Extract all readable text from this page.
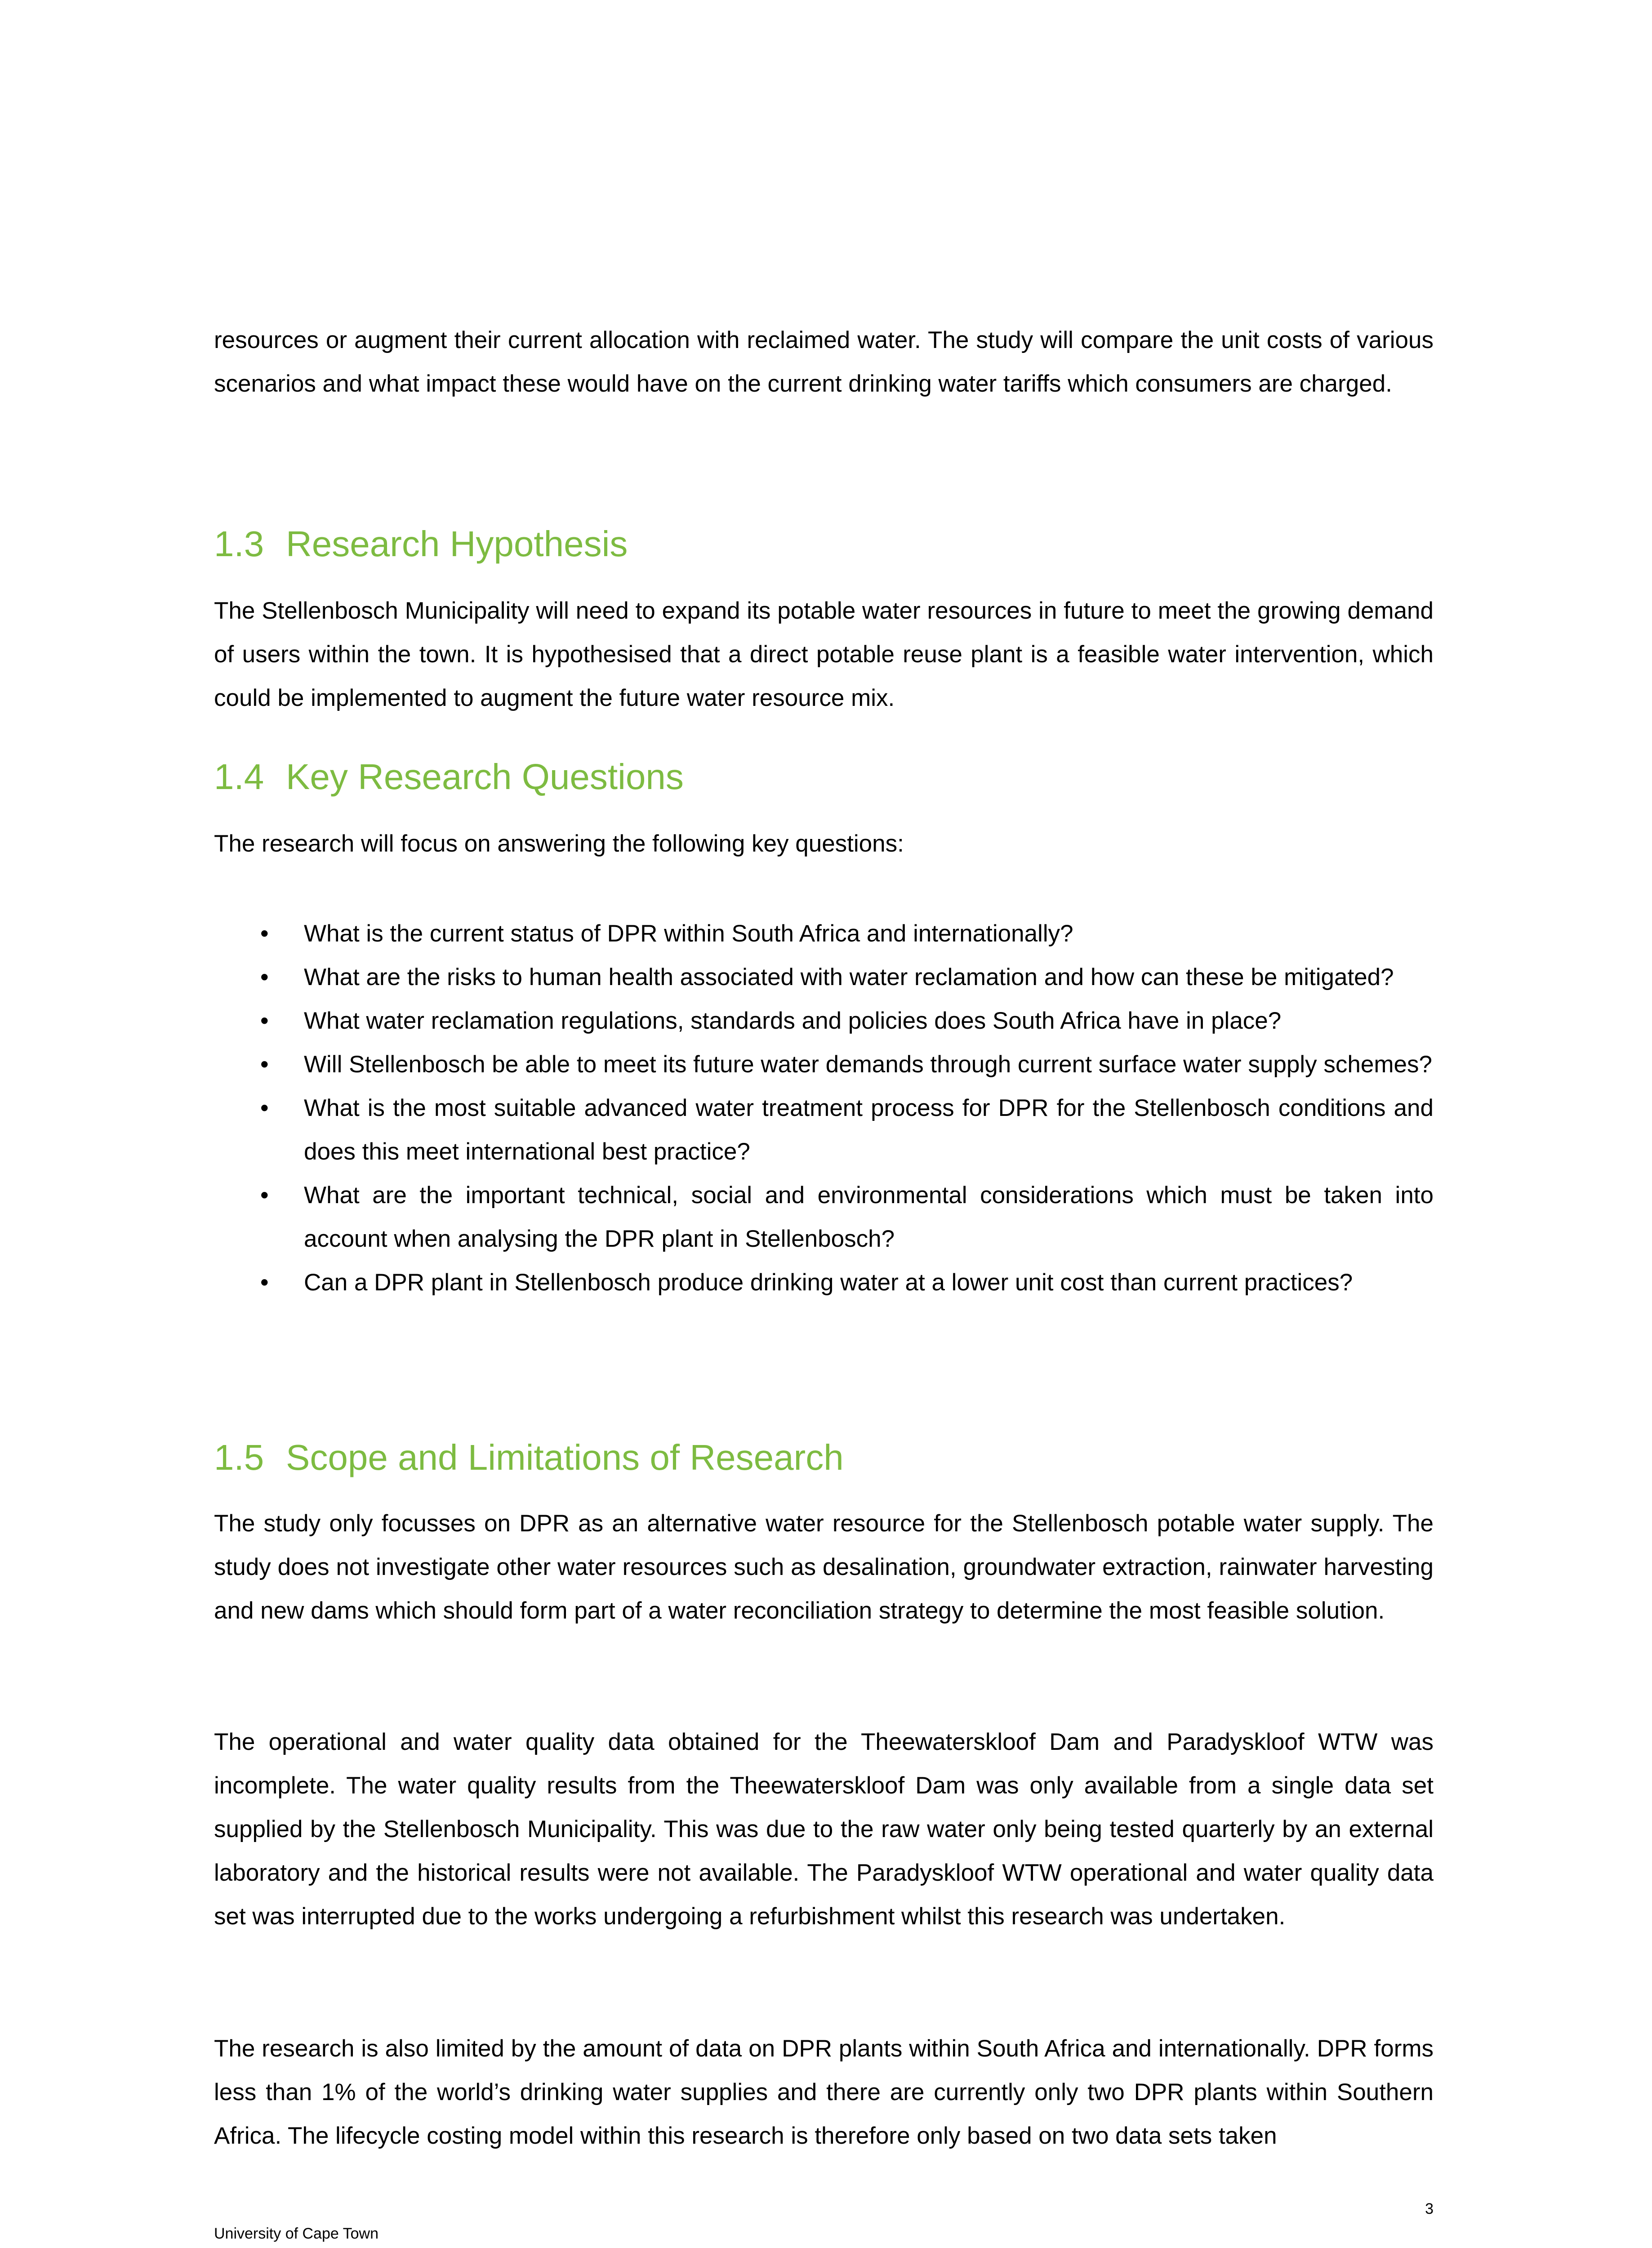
resources or augment their current allocation with reclaimed water. The study will compare the unit costs of various scenarios and what impact these would have on the current drinking water tariffs which consumers are charged.

1.3 Research Hypothesis

The Stellenbosch Municipality will need to expand its potable water resources in future to meet the growing demand of users within the town. It is hypothesised that a direct potable reuse plant is a feasible water intervention, which could be implemented to augment the future water resource mix.

1.4 Key Research Questions

The research will focus on answering the following key questions:

• What is the current status of DPR within South Africa and internationally?
• What are the risks to human health associated with water reclamation and how can these be mitigated?
• What water reclamation regulations, standards and policies does South Africa have in place?
• Will Stellenbosch be able to meet its future water demands through current surface water supply schemes?
• What is the most suitable advanced water treatment process for DPR for the Stellenbosch conditions and does this meet international best practice?
• What are the important technical, social and environmental considerations which must be taken into account when analysing the DPR plant in Stellenbosch?
• Can a DPR plant in Stellenbosch produce drinking water at a lower unit cost than current practices?
1.5 Scope and Limitations of Research

The study only focusses on DPR as an alternative water resource for the Stellenbosch potable water supply. The study does not investigate other water resources such as desalination, groundwater extraction, rainwater harvesting and new dams which should form part of a water reconciliation strategy to determine the most feasible solution.

The operational and water quality data obtained for the Theewaterskloof Dam and Paradyskloof WTW was incomplete. The water quality results from the Theewaterskloof Dam was only available from a single data set supplied by the Stellenbosch Municipality. This was due to the raw water only being tested quarterly by an external laboratory and the historical results were not available. The Paradyskloof WTW operational and water quality data set was interrupted due to the works undergoing a refurbishment whilst this research was undertaken.

The research is also limited by the amount of data on DPR plants within South Africa and internationally. DPR forms less than 1% of the world’s drinking water supplies and there are currently only two DPR plants within Southern Africa. The lifecycle costing model within this research is therefore only based on two data sets taken

3
University of Cape Town
